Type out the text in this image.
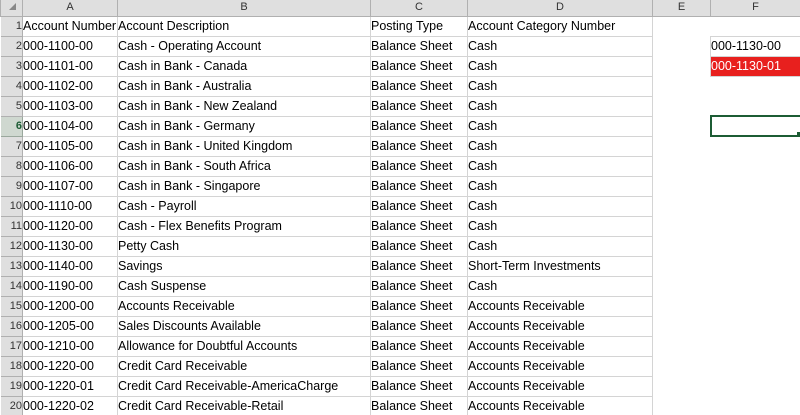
	A	B	C	D	E	F
1	Account Number	Account Description	Posting Type	Account Category Number		
2	000-1100-00	Cash - Operating Account	Balance Sheet	Cash		000-1130-00
3	000-1101-00	Cash in Bank - Canada	Balance Sheet	Cash		000-1130-01
4	000-1102-00	Cash in Bank - Australia	Balance Sheet	Cash		
5	000-1103-00	Cash in Bank - New Zealand	Balance Sheet	Cash		
6	000-1104-00	Cash in Bank - Germany	Balance Sheet	Cash		
7	000-1105-00	Cash in Bank - United Kingdom	Balance Sheet	Cash		
8	000-1106-00	Cash in Bank - South Africa	Balance Sheet	Cash		
9	000-1107-00	Cash in Bank - Singapore	Balance Sheet	Cash		
10	000-1110-00	Cash - Payroll	Balance Sheet	Cash		
11	000-1120-00	Cash - Flex Benefits Program	Balance Sheet	Cash		
12	000-1130-00	Petty Cash	Balance Sheet	Cash		
13	000-1140-00	Savings	Balance Sheet	Short-Term Investments		
14	000-1190-00	Cash Suspense	Balance Sheet	Cash		
15	000-1200-00	Accounts Receivable	Balance Sheet	Accounts Receivable		
16	000-1205-00	Sales Discounts Available	Balance Sheet	Accounts Receivable		
17	000-1210-00	Allowance for Doubtful Accounts	Balance Sheet	Accounts Receivable		
18	000-1220-00	Credit Card Receivable	Balance Sheet	Accounts Receivable		
19	000-1220-01	Credit Card Receivable-AmericaCharge	Balance Sheet	Accounts Receivable		
20	000-1220-02	Credit Card Receivable-Retail	Balance Sheet	Accounts Receivable		
